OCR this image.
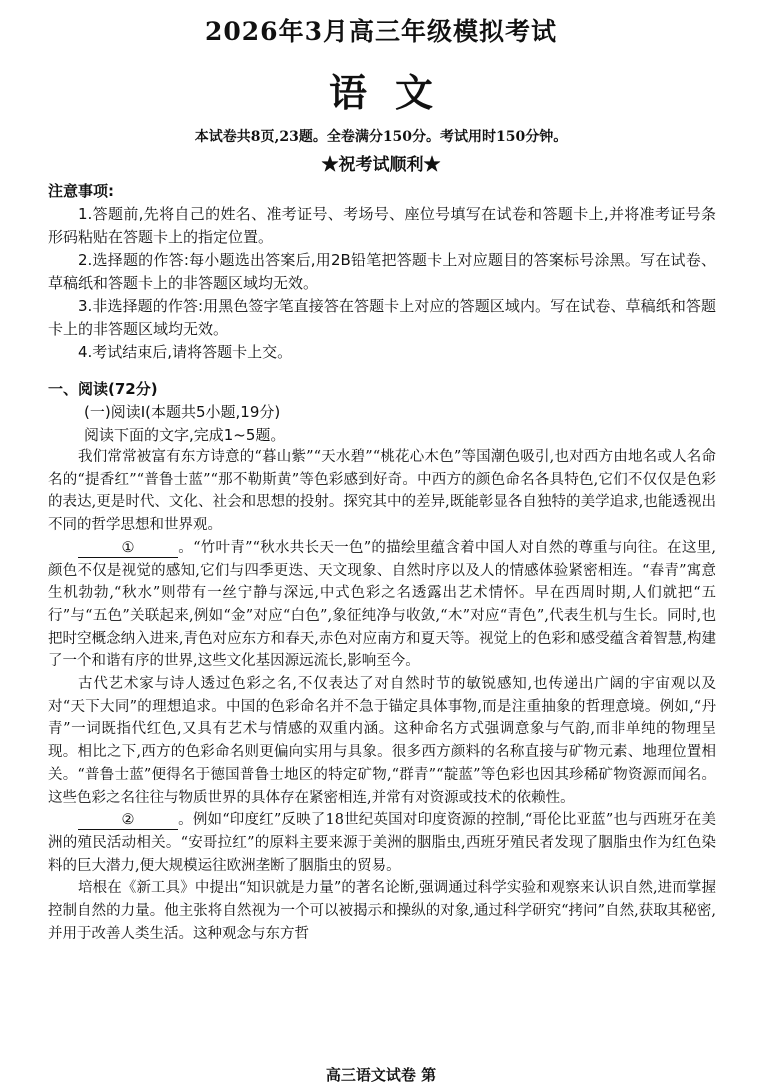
2026年3月高三年级模拟考试
语文
本试卷共8页,23题。全卷满分150分。考试用时150分钟。
★祝考试顺利★
注意事项:

1.答题前,先将自己的姓名、准考证号、考场号、座位号填写在试卷和答题卡上,并将准考证号条形码粘贴在答题卡上的指定位置。

2.选择题的作答:每小题选出答案后,用2B铅笔把答题卡上对应题目的答案标号涂黑。写在试卷、草稿纸和答题卡上的非答题区域均无效。

3.非选择题的作答:用黑色签字笔直接答在答题卡上对应的答题区域内。写在试卷、草稿纸和答题卡上的非答题区域均无效。

4.考试结束后,请将答题卡上交。

一、阅读(72分)
(一)阅读Ⅰ(本题共5小题,19分)
阅读下面的文字,完成1~5题。

我们常常被富有东方诗意的“暮山紫”“天水碧”“桃花心木色”等国潮色吸引,也对西方由地名或人名命名的“提香红”“普鲁士蓝”“那不勒斯黄”等色彩感到好奇。中西方的颜色命名各具特色,它们不仅仅是色彩的表达,更是时代、文化、社会和思想的投射。探究其中的差异,既能彰显各自独特的美学追求,也能透视出不同的哲学思想和世界观。

①	。“竹叶青”“秋水共长天一色”的描绘里蕴含着中国人对自然的尊重与向往。在这里,颜色不仅是视觉的感知,它们与四季更迭、天文现象、自然时序以及人的情感体验紧密相连。“春青”寓意生机勃勃,“秋水”则带有一丝宁静与深远,中式色彩之名透露出艺术情怀。早在西周时期,人们就把“五行”与“五色”关联起来,例如“金”对应“白色”,象征纯净与收敛,“木”对应“青色”,代表生机与生长。同时,也把时空概念纳入进来,青色对应东方和春天,赤色对应南方和夏天等。视觉上的色彩和感受蕴含着智慧,构建了一个和谐有序的世界,这些文化基因源远流长,影响至今。

古代艺术家与诗人透过色彩之名,不仅表达了对自然时节的敏锐感知,也传递出广阔的宇宙观以及对“天下大同”的理想追求。中国的色彩命名并不急于锚定具体事物,而是注重抽象的哲理意境。例如,“丹青”一词既指代红色,又具有艺术与情感的双重内涵。这种命名方式强调意象与气韵,而非单纯的物理呈现。相比之下,西方的色彩命名则更偏向实用与具象。很多西方颜料的名称直接与矿物元素、地理位置相关。“普鲁士蓝”便得名于德国普鲁士地区的特定矿物,“群青”“靛蓝”等色彩也因其珍稀矿物资源而闻名。这些色彩之名往往与物质世界的具体存在紧密相连,并常有对资源或技术的依赖性。

②	。例如“印度红”反映了18世纪英国对印度资源的控制,“哥伦比亚蓝”也与西班牙在美洲的殖民活动相关。“安哥拉红”的原料主要来源于美洲的胭脂虫,西班牙殖民者发现了胭脂虫作为红色染料的巨大潜力,便大规模运往欧洲垄断了胭脂虫的贸易。

培根在《新工具》中提出“知识就是力量”的著名论断,强调通过科学实验和观察来认识自然,进而掌握控制自然的力量。他主张将自然视为一个可以被揭示和操纵的对象,通过科学研究“拷问”自然,获取其秘密,并用于改善人类生活。这种观念与东方哲

高三语文试卷 第
